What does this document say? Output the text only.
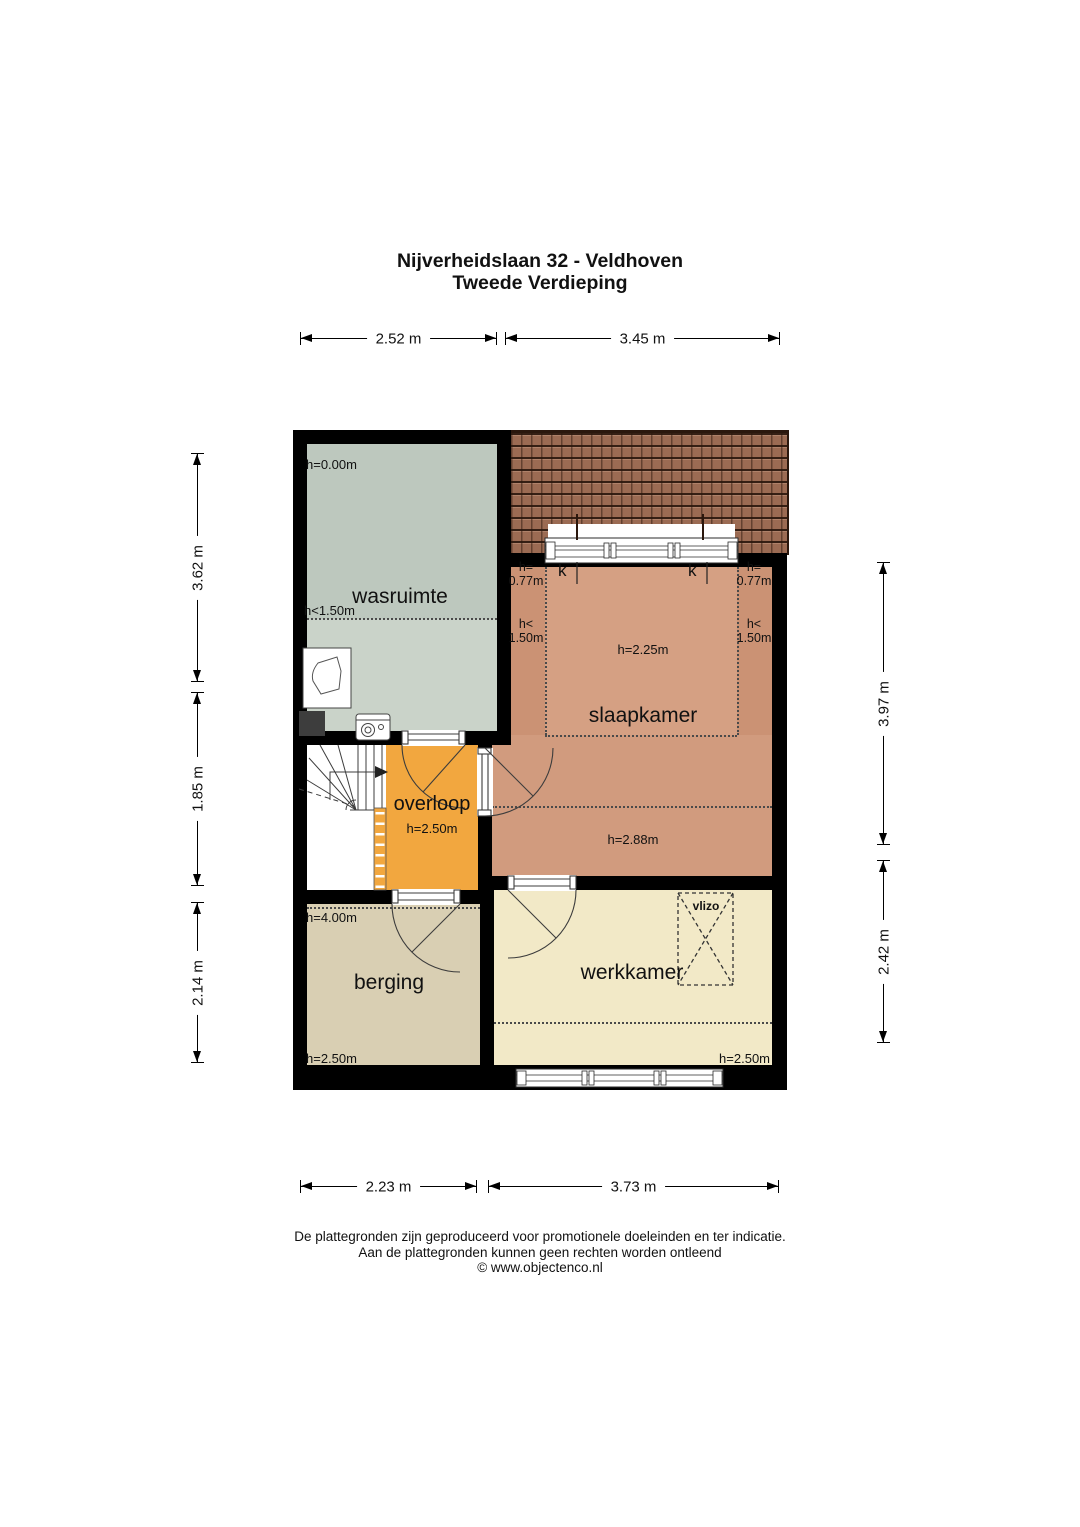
Nijverheidslaan 32 - Veldhoven
Tweede Verdieping
h=0.00m
h<1.50m
wasruimte
h=
0.77m
h<
1.50m
h=
0.77m
h<
1.50m
k	k
h=2.25m
slaapkamer
h=2.88m
overloop
h=2.50m
h=4.00m
berging
h=2.50m
werkkamer
h=2.50m
vlizo
2.52 m	3.45 m
2.23 m	3.73 m
3.62 m
1.85 m
2.14 m
3.97 m
2.42 m
De plattegronden zijn geproduceerd voor promotionele doeleinden en ter indicatie.
Aan de plattegronden kunnen geen rechten worden ontleend
© www.objectenco.nl
